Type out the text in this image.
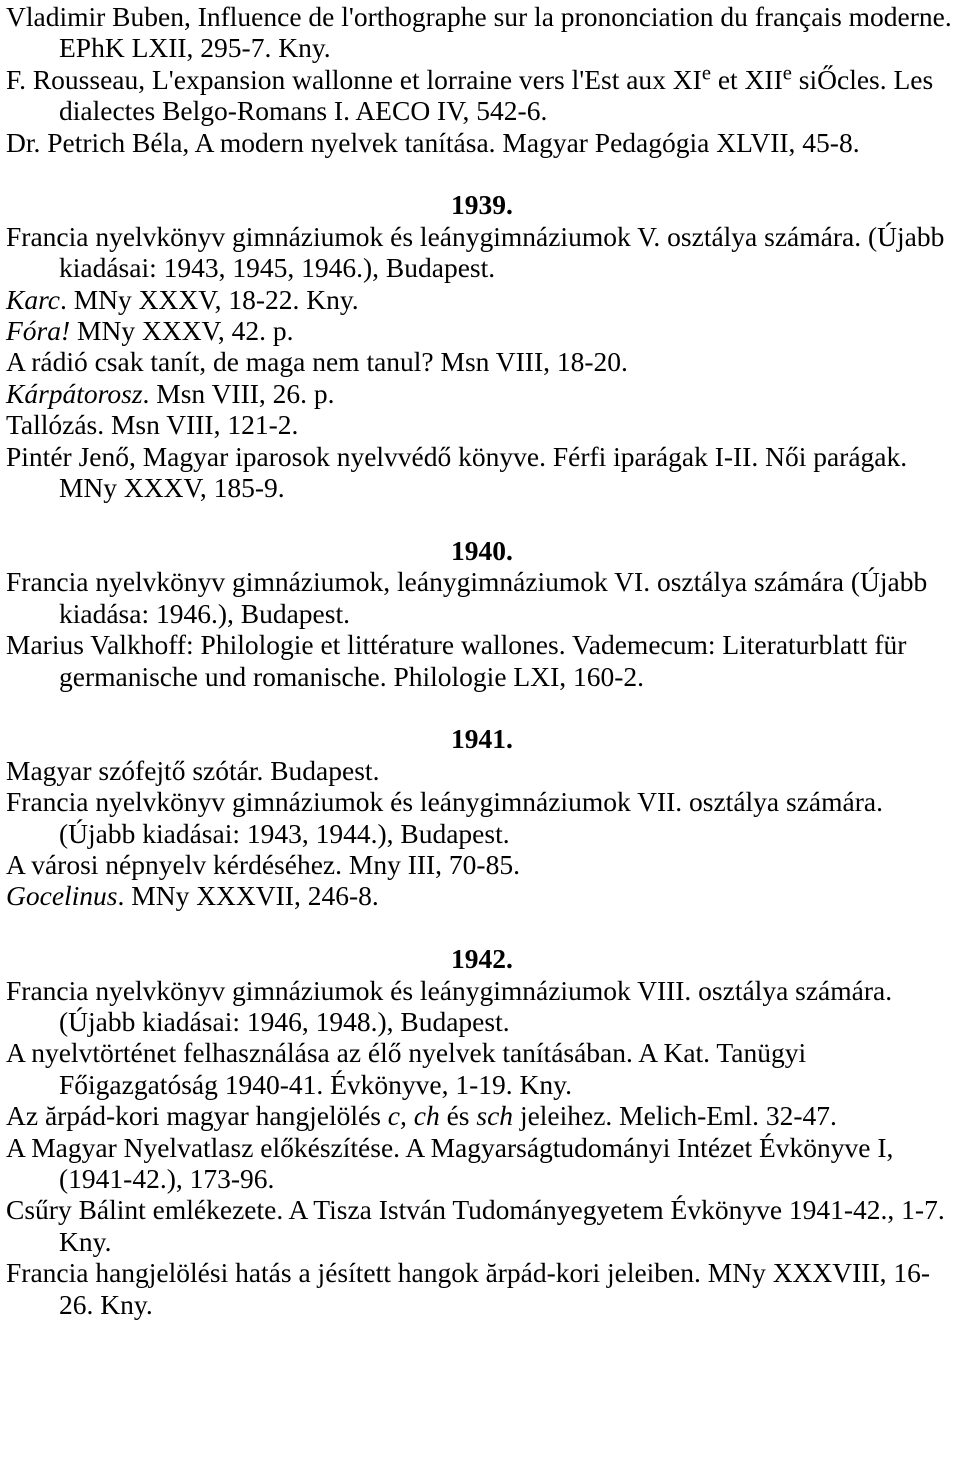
Vladimir Buben, Influence de l'orthographe sur la prononciation du français moderne. EPhK LXII, 295-7. Kny.

F. Rousseau, L'expansion wallonne et lorraine vers l'Est aux XIe et XIIe siŐcles. Les dialectes Belgo-Romans I. AECO IV, 542-6.

Dr. Petrich Béla, A modern nyelvek tanítása. Magyar Pedagógia XLVII, 45-8.

1939.

Francia nyelvkönyv gimnáziumok és leánygimnáziumok V. osztálya számára. (Újabb kiadásai: 1943, 1945, 1946.), Budapest.

Karc. MNy XXXV, 18-22. Kny.

Fóra! MNy XXXV, 42. p.

A rádió csak tanít, de maga nem tanul? Msn VIII, 18-20.

Kárpátorosz. Msn VIII, 26. p.

Tallózás. Msn VIII, 121-2.

Pintér Jenő, Magyar iparosok nyelvvédő könyve. Férfi iparágak I-II. Női parágak. MNy XXXV, 185-9.

1940.

Francia nyelvkönyv gimnáziumok, leánygimnáziumok VI. osztálya számára (Újabb kiadása: 1946.), Budapest.

Marius Valkhoff: Philologie et littérature wallones. Vademecum: Literaturblatt für germanische und romanische. Philologie LXI, 160-2.

1941.

Magyar szófejtő szótár. Budapest.

Francia nyelvkönyv gimnáziumok és leánygimnáziumok VII. osztálya számára. (Újabb kiadásai: 1943, 1944.), Budapest.

A városi népnyelv kérdéséhez. Mny III, 70-85.

Gocelinus. MNy XXXVII, 246-8.

1942.

Francia nyelvkönyv gimnáziumok és leánygimnáziumok VIII. osztálya számára. (Újabb kiadásai: 1946, 1948.), Budapest.

A nyelvtörténet felhasználása az élő nyelvek tanításában. A Kat. Tanügyi Főigazgatóság 1940-41. Évkönyve, 1-19. Kny.

Az ărpád-kori magyar hangjelölés c, ch és sch jeleihez. Melich-Eml. 32-47.

A Magyar Nyelvatlasz előkészítése. A Magyarságtudományi Intézet Évkönyve I, (1941-42.), 173-96.

Csűry Bálint emlékezete. A Tisza István Tudományegyetem Évkönyve 1941-42., 1-7. Kny.

Francia hangjelölési hatás a jésített hangok ărpád-kori jeleiben. MNy XXXVIII, 16-26. Kny.
